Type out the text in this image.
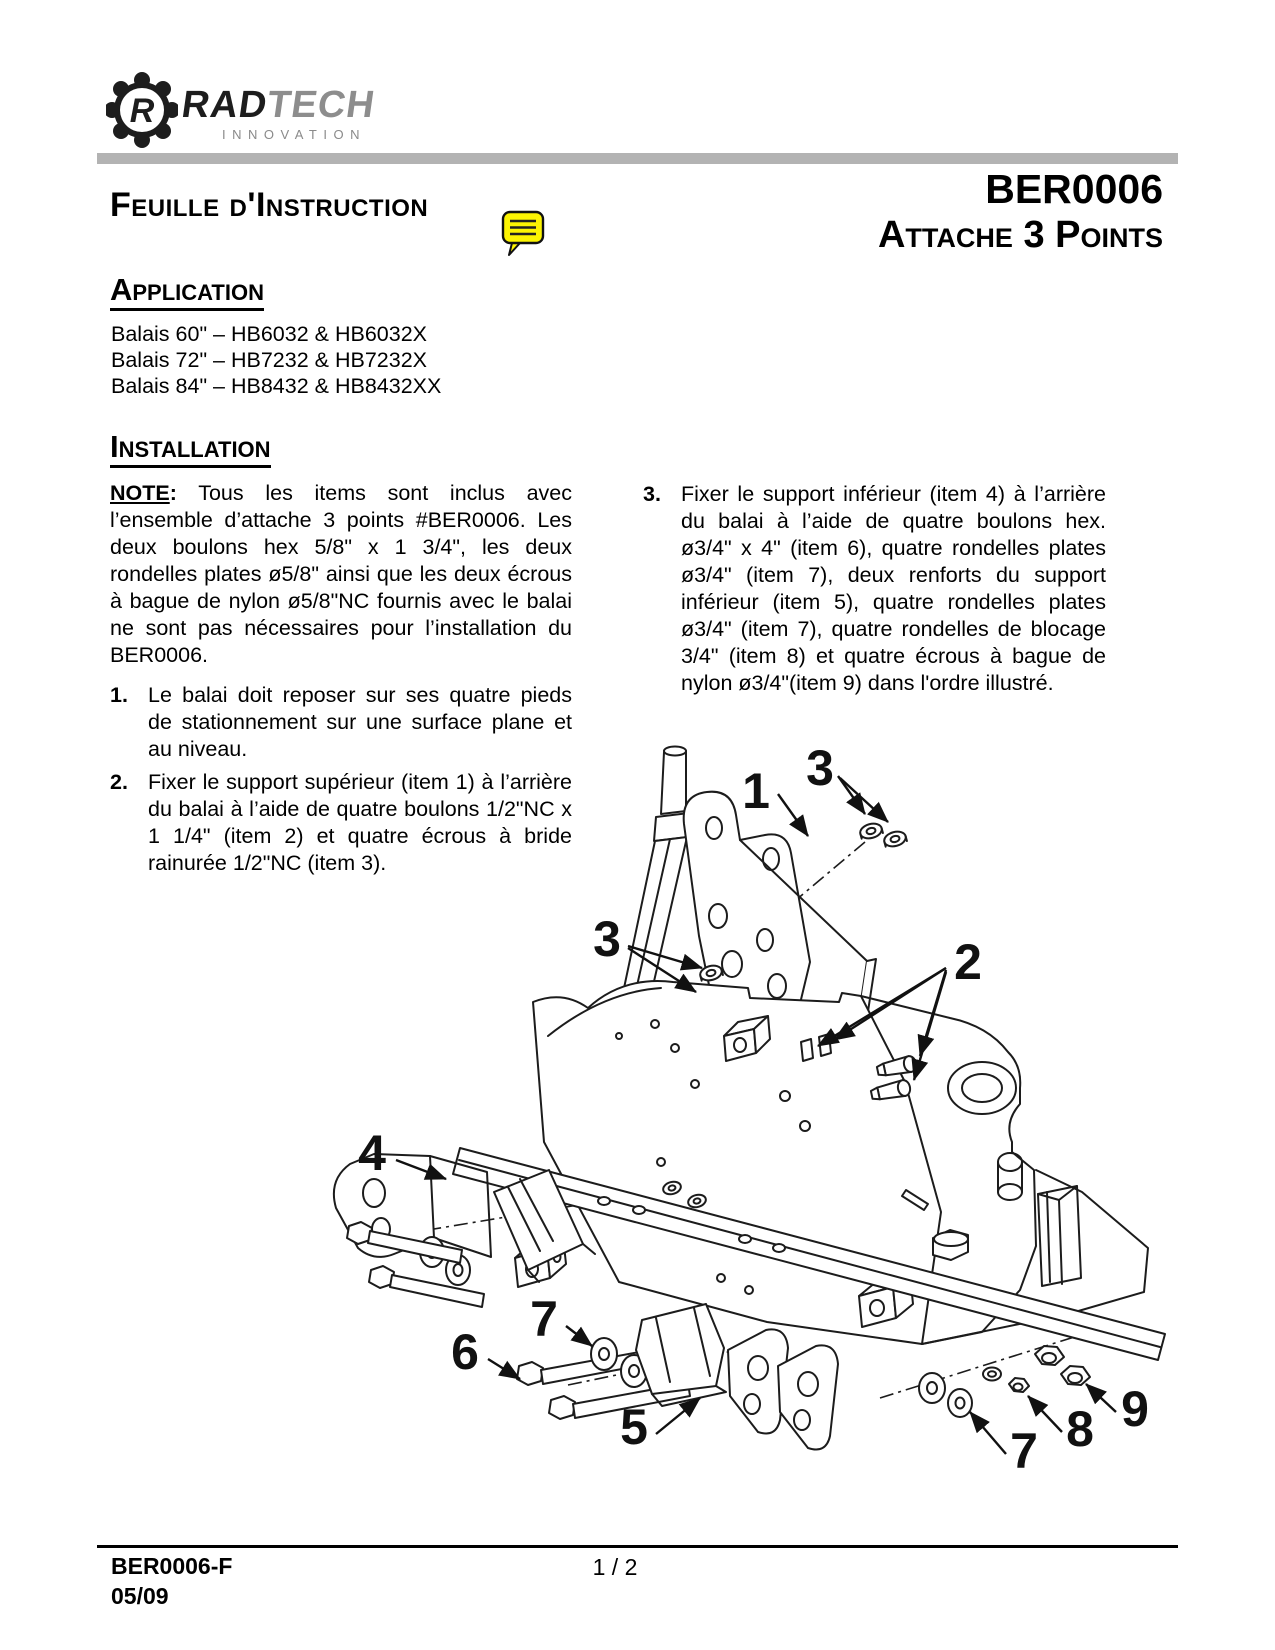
R RADTECH
INNOVATION
Feuille d'Instruction	BER0006
Attache 3 Points
Application
Balais 60" – HB6032 & HB6032X
Balais 72" – HB7232 & HB7232X
Balais 84" – HB8432 & HB8432XX
Installation
NOTE: Tous les items sont inclus avec l’ensemble d’attache 3 points #BER0006. Les deux boulons hex 5/8" x 1 3/4", les deux rondelles plates ø5/8" ainsi que les deux écrous à bague de nylon ø5/8"NC fournis avec le balai ne sont pas nécessaires pour l’installation du BER0006.
1. Le balai doit reposer sur ses quatre pieds de stationnement sur une surface plane et au niveau.
2. Fixer le support supérieur (item 1) à l’arrière du balai à l’aide de quatre boulons 1/2"NC x 1 1/4" (item 2) et quatre écrous à bride rainurée 1/2"NC (item 3).
3. Fixer le support inférieur (item 4) à l’arrière du balai à l’aide de quatre boulons hex. ø3/4" x 4" (item 6), quatre rondelles plates ø3/4" (item 7), deux renforts du support inférieur (item 5), quatre rondelles plates ø3/4" (item 7), quatre rondelles de blocage 3/4" (item 8) et quatre écrous à bague de nylon ø3/4"(item 9) dans l'ordre illustré.
1 3
3	2
4
7
6
5	7 8 9
BER0006-F
05/09
1 / 2
